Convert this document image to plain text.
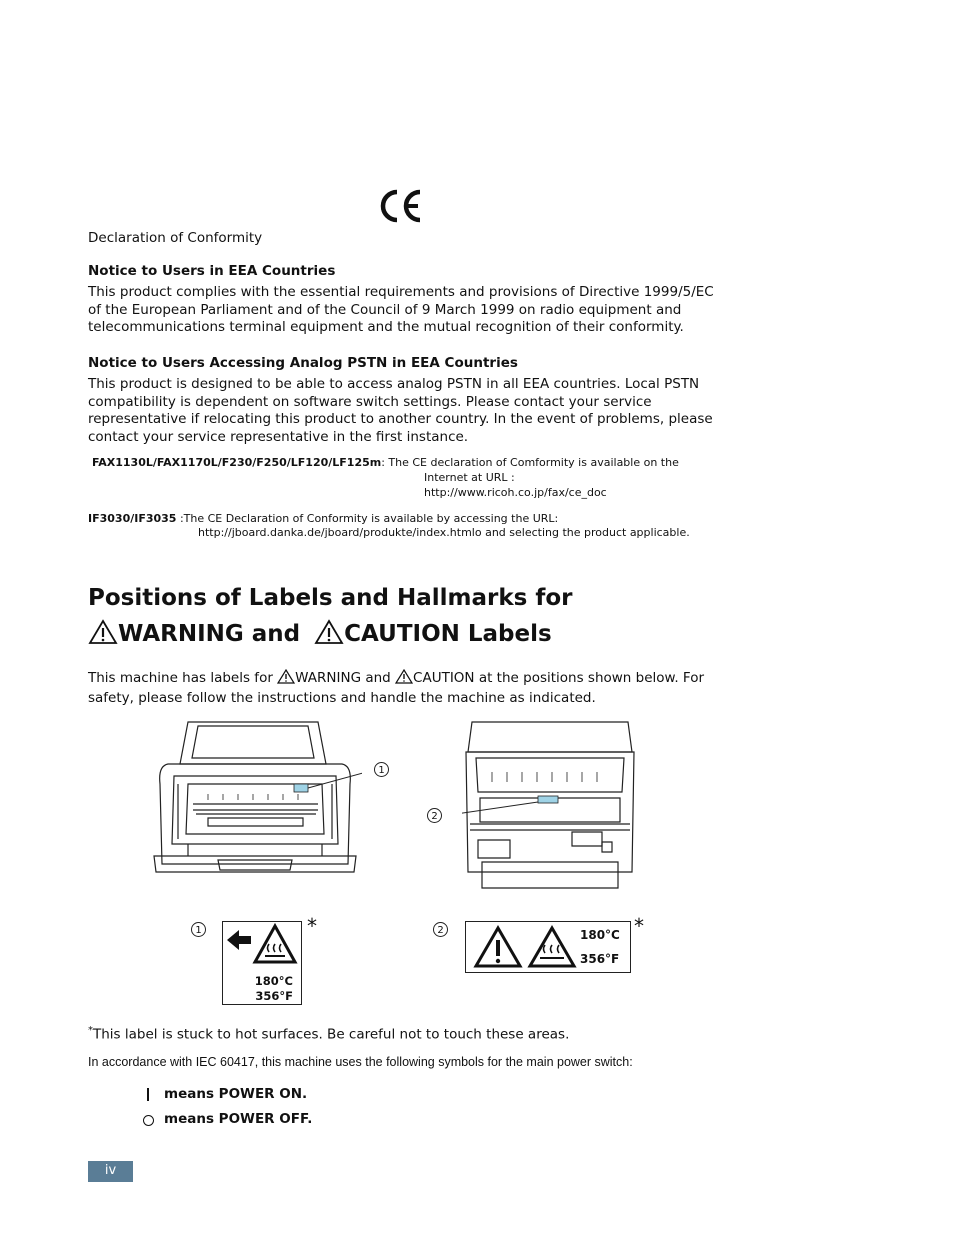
Declaration of Conformity
Notice to Users in EEA Countries
This product complies with the essential requirements and provisions of Directive 1999/5/EC
of the European Parliament and of the Council of 9 March 1999 on radio equipment and
telecommunications terminal equipment and the mutual recognition of their conformity.
Notice to Users Accessing Analog PSTN in EEA Countries
This product is designed to be able to access analog PSTN in all EEA countries. Local PSTN
compatibility is dependent on software switch settings. Please contact your service
representative if relocating this product to another country. In the event of problems, please
contact your service representative in the first instance.
FAX1130L/FAX1170L/F230/F250/LF120/LF125m: The CE declaration of Comformity is available on the
Internet at URL :
http://www.ricoh.co.jp/fax/ce_doc
IF3030/IF3035 :The CE Declaration of Conformity is available by accessing the URL:
http://jboard.danka.de/jboard/produkte/index.htmlo and selecting the product applicable.
Positions of Labels and Hallmarks for
WARNING and CAUTION Labels
This machine has labels for WARNING and CAUTION at the positions shown below. For
safety, please follow the instructions and handle the machine as indicated.
1
2
1
180°C
356°F
*	2	180°C
356°F
*
*This label is stuck to hot surfaces. Be careful not to touch these areas.
In accordance with IEC 60417, this machine uses the following symbols for the main power switch:
means POWER ON.
means POWER OFF.
iv
